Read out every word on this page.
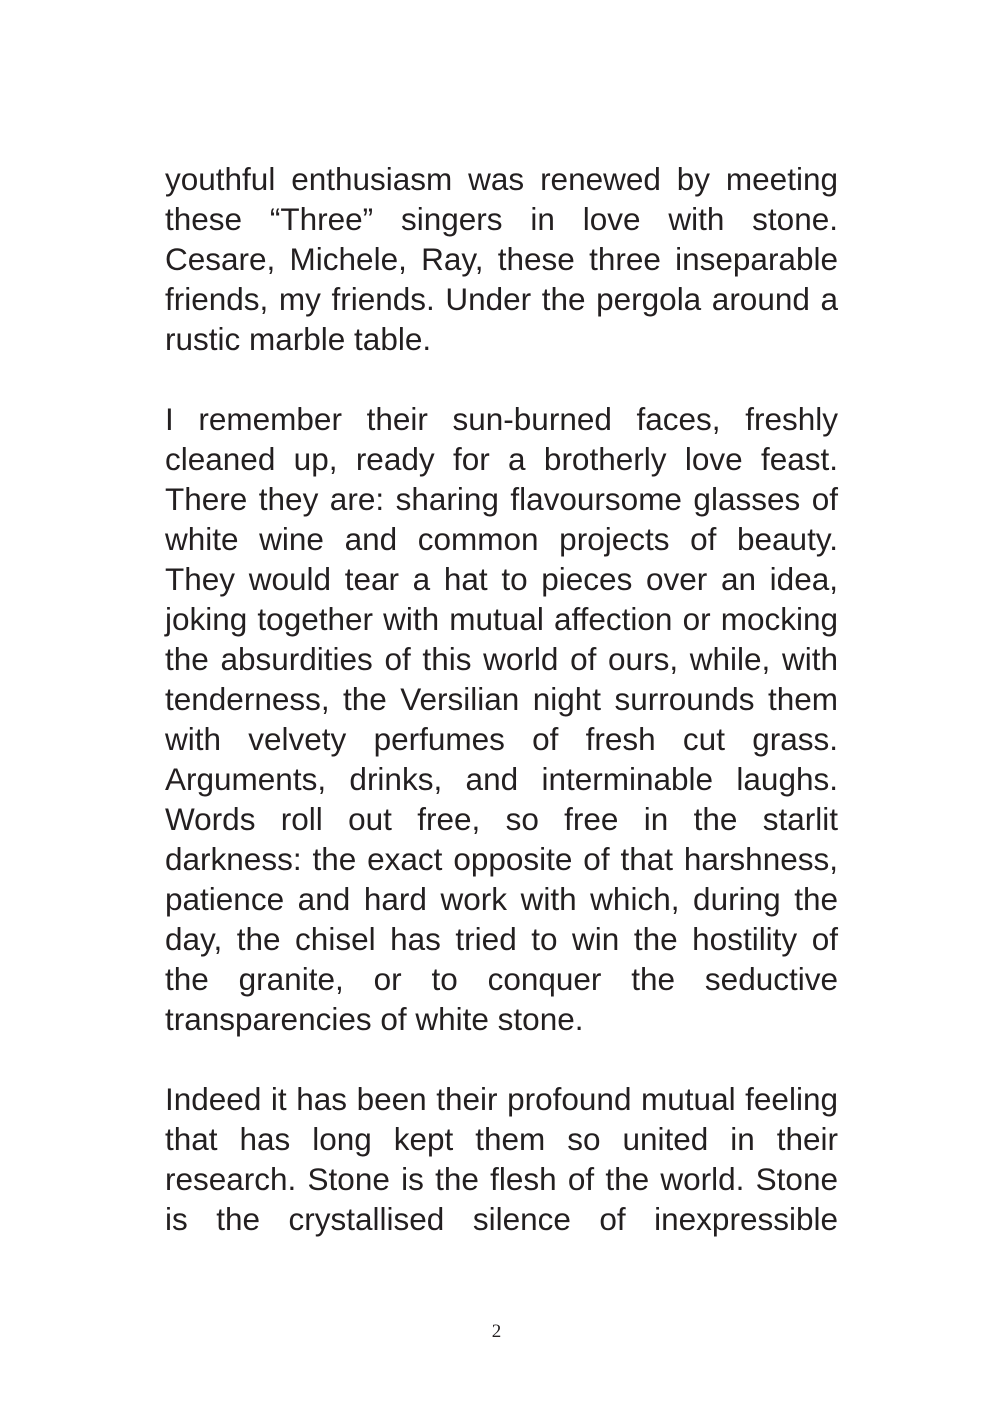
youthful enthusiasm was renewed by meeting these “Three” singers in love with stone. Cesare, Michele, Ray, these three inseparable friends, my friends. Under the pergola around a rustic marble table.

I remember their sun-burned faces, freshly cleaned up, ready for a brotherly love feast. There they are: sharing flavoursome glasses of white wine and common projects of beauty. They would tear a hat to pieces over an idea, joking together with mutual affection or mocking the absurdities of this world of ours, while, with tenderness, the Versilian night surrounds them with velvety perfumes of fresh cut grass. Arguments, drinks, and interminable laughs. Words roll out free, so free in the starlit darkness: the exact opposite of that harshness, patience and hard work with which, during the day, the chisel has tried to win the hostility of the granite, or to conquer the seductive transparencies of white stone.

Indeed it has been their profound mutual feeling that has long kept them so united in their research. Stone is the flesh of the world. Stone is the crystallised silence of inexpressible

2
